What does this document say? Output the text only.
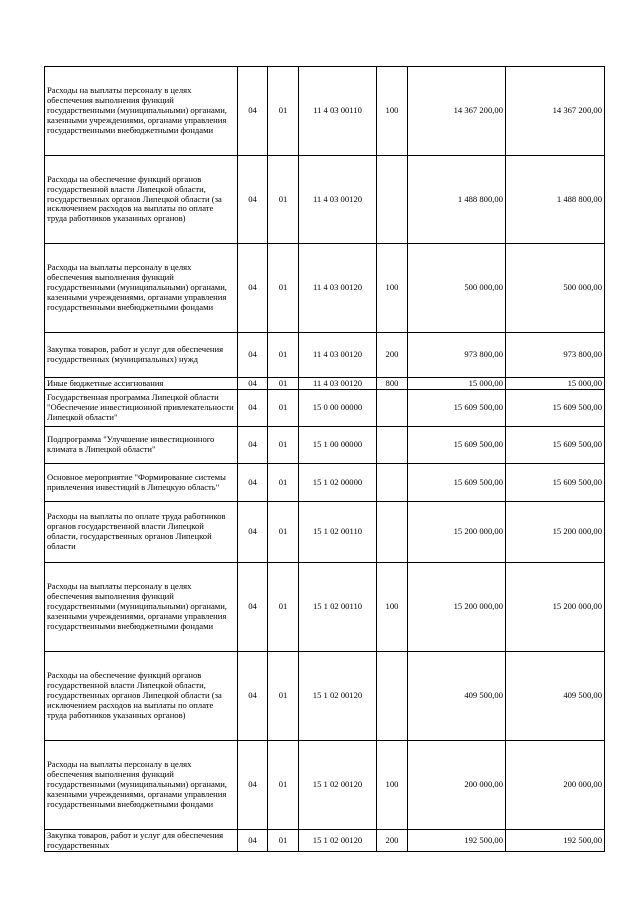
Расходы на выплаты персоналу в целях обеспечения выполнения функций государственными (муниципальными) органами, казенными учреждениями, органами управления государственными внебюджетными фондами	04	01	11 4 03 00110	100	14 367 200,00	14 367 200,00
Расходы на обеспечение функций органов государственной власти Липецкой области, государственных органов Липецкой области (за исключением расходов на выплаты по оплате труда работников указанных органов)	04	01	11 4 03 00120		1 488 800,00	1 488 800,00
Расходы на выплаты персоналу в целях обеспечения выполнения функций государственными (муниципальными) органами, казенными учреждениями, органами управления государственными внебюджетными фондами	04	01	11 4 03 00120	100	500 000,00	500 000,00
Закупка товаров, работ и услуг для обеспечения государственных (муниципальных) нужд	04	01	11 4 03 00120	200	973 800,00	973 800,00
Иные бюджетные ассигнования	04	01	11 4 03 00120	800	15 000,00	15 000,00
Государственная программа Липецкой области "Обеспечение инвестиционной привлекательности Липецкой области"	04	01	15 0 00 00000		15 609 500,00	15 609 500,00
Подпрограмма "Улучшение инвестиционного климата в Липецкой области"	04	01	15 1 00 00000		15 609 500,00	15 609 500,00
Основное мероприятие "Формирование системы привлечения инвестиций в Липецкую область"	04	01	15 1 02 00000		15 609 500,00	15 609 500,00
Расходы на выплаты по оплате труда работников органов государственной власти Липецкой области, государственных органов Липецкой области	04	01	15 1 02 00110		15 200 000,00	15 200 000,00
Расходы на выплаты персоналу в целях обеспечения выполнения функций государственными (муниципальными) органами, казенными учреждениями, органами управления государственными внебюджетными фондами	04	01	15 1 02 00110	100	15 200 000,00	15 200 000,00
Расходы на обеспечение функций органов государственной власти Липецкой области, государственных органов Липецкой области (за исключением расходов на выплаты по оплате труда работников указанных органов)	04	01	15 1 02 00120		409 500,00	409 500,00
Расходы на выплаты персоналу в целях обеспечения выполнения функций государственными (муниципальными) органами, казенными учреждениями, органами управления государственными внебюджетными фондами	04	01	15 1 02 00120	100	200 000,00	200 000,00
Закупка товаров, работ и услуг для обеспечения государственных	04	01	15 1 02 00120	200	192 500,00	192 500,00
